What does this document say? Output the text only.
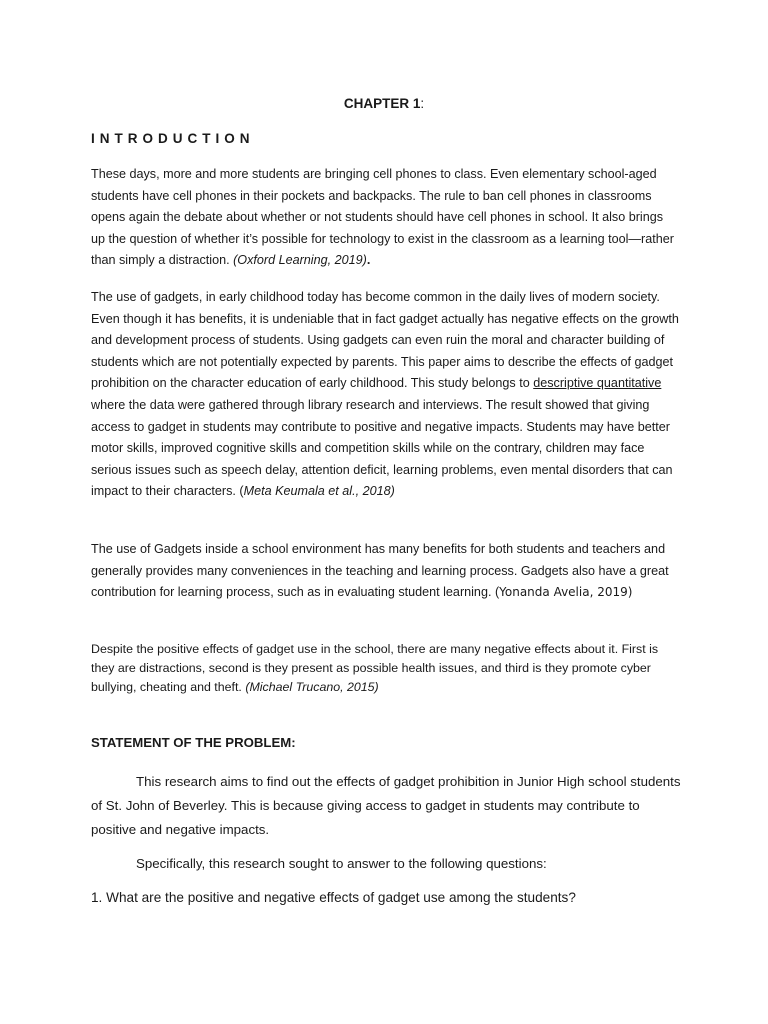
CHAPTER 1:
INTRODUCTION

These days, more and more students are bringing cell phones to class. Even elementary school-aged students have cell phones in their pockets and backpacks. The rule to ban cell phones in classrooms opens again the debate about whether or not students should have cell phones in school. It also brings up the question of whether it’s possible for technology to exist in the classroom as a learning tool—rather than simply a distraction. (Oxford Learning, 2019).

The use of gadgets, in early childhood today has become common in the daily lives of modern society. Even though it has benefits, it is undeniable that in fact gadget actually has negative effects on the growth and development process of students. Using gadgets can even ruin the moral and character building of students which are not potentially expected by parents. This paper aims to describe the effects of gadget prohibition on the character education of early childhood. This study belongs to descriptive quantitative where the data were gathered through library research and interviews. The result showed that giving access to gadget in students may contribute to positive and negative impacts. Students may have better motor skills, improved cognitive skills and competition skills while on the contrary, children may face serious issues such as speech delay, attention deficit, learning problems, even mental disorders that can impact to their characters. (Meta Keumala et al., 2018)

The use of Gadgets inside a school environment has many benefits for both students and teachers and generally provides many conveniences in the teaching and learning process. Gadgets also have a great contribution for learning process, such as in evaluating student learning. (Yonanda Avelia, 2019)

Despite the positive effects of gadget use in the school, there are many negative effects about it. First is they are distractions, second is they present as possible health issues, and third is they promote cyber bullying, cheating and theft. (Michael Trucano, 2015)

STATEMENT OF THE PROBLEM:

This research aims to find out the effects of gadget prohibition in Junior High school students of St. John of Beverley. This is because giving access to gadget in students may contribute to positive and negative impacts.

Specifically, this research sought to answer to the following questions:

1. What are the positive and negative effects of gadget use among the students?
